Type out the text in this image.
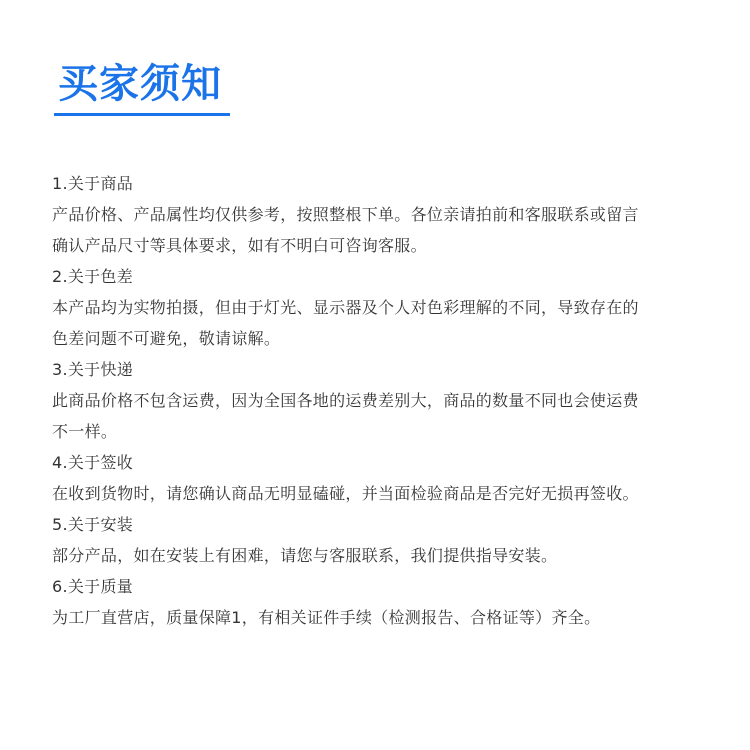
买家须知
1.关于商品
产品价格、产品属性均仅供参考，按照整根下单。各位亲请拍前和客服联系或留言
确认产品尺寸等具体要求，如有不明白可咨询客服。
2.关于色差
本产品均为实物拍摄，但由于灯光、显示器及个人对色彩理解的不同，导致存在的
色差问题不可避免，敬请谅解。
3.关于快递
此商品价格不包含运费，因为全国各地的运费差别大，商品的数量不同也会使运费
不一样。
4.关于签收
在收到货物时，请您确认商品无明显磕碰，并当面检验商品是否完好无损再签收。
5.关于安装
部分产品，如在安装上有困难，请您与客服联系，我们提供指导安装。
6.关于质量
为工厂直营店，质量保障1，有相关证件手续（检测报告、合格证等）齐全。
